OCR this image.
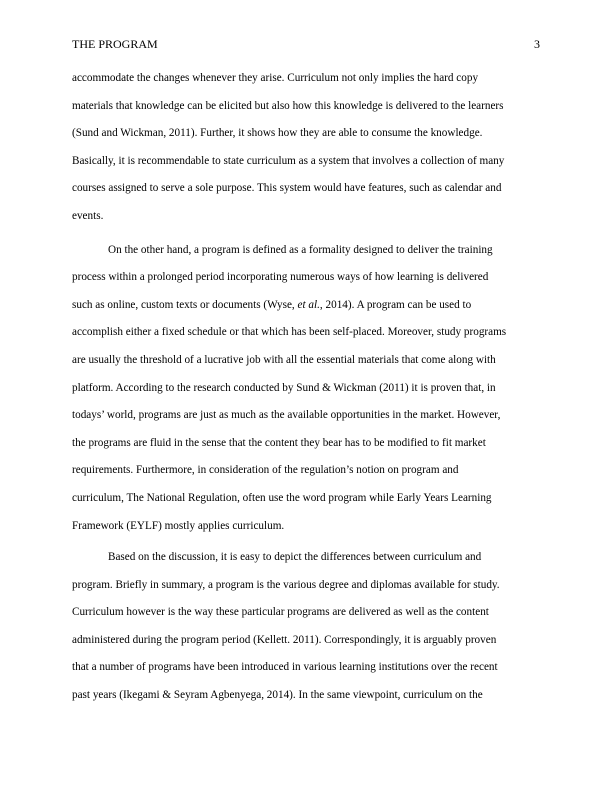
THE PROGRAM	3

accommodate the changes whenever they arise. Curriculum not only implies the hard copy
materials that knowledge can be elicited but also how this knowledge is delivered to the learners
(Sund and Wickman, 2011). Further, it shows how they are able to consume the knowledge.
Basically, it is recommendable to state curriculum as a system that involves a collection of many
courses assigned to serve a sole purpose. This system would have features, such as calendar and
events.

On the other hand, a program is defined as a formality designed to deliver the training
process within a prolonged period incorporating numerous ways of how learning is delivered
such as online, custom texts or documents (Wyse, et al., 2014). A program can be used to
accomplish either a fixed schedule or that which has been self-placed. Moreover, study programs
are usually the threshold of a lucrative job with all the essential materials that come along with
platform. According to the research conducted by Sund & Wickman (2011) it is proven that, in
todays’ world, programs are just as much as the available opportunities in the market. However,
the programs are fluid in the sense that the content they bear has to be modified to fit market
requirements. Furthermore, in consideration of the regulation’s notion on program and
curriculum, The National Regulation, often use the word program while Early Years Learning
Framework (EYLF) mostly applies curriculum.

Based on the discussion, it is easy to depict the differences between curriculum and
program. Briefly in summary, a program is the various degree and diplomas available for study.
Curriculum however is the way these particular programs are delivered as well as the content
administered during the program period (Kellett. 2011). Correspondingly, it is arguably proven
that a number of programs have been introduced in various learning institutions over the recent
past years (Ikegami & Seyram Agbenyega, 2014). In the same viewpoint, curriculum on the
